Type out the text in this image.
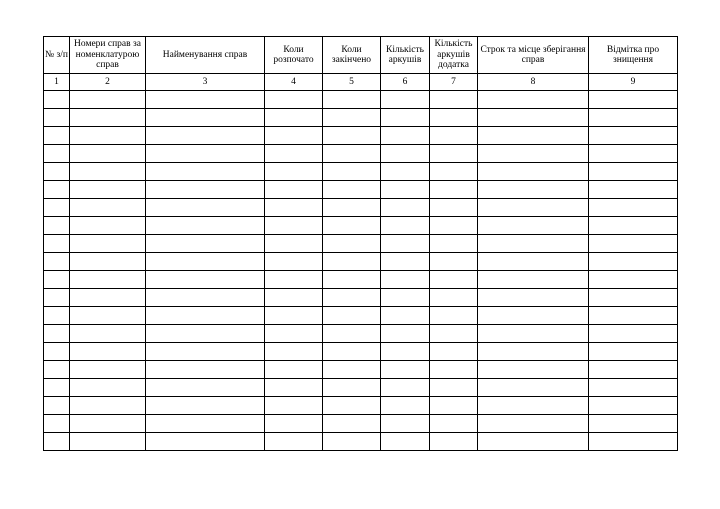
№ з/п	Номери справ за номенклатурою справ	Найменування справ	Коли розпочато	Коли закінчено	Кількість аркушів	Кількість аркушів додатка	Строк та місце зберігання справ	Відмітка про знищення
1	2	3	4	5	6	7	8	9
